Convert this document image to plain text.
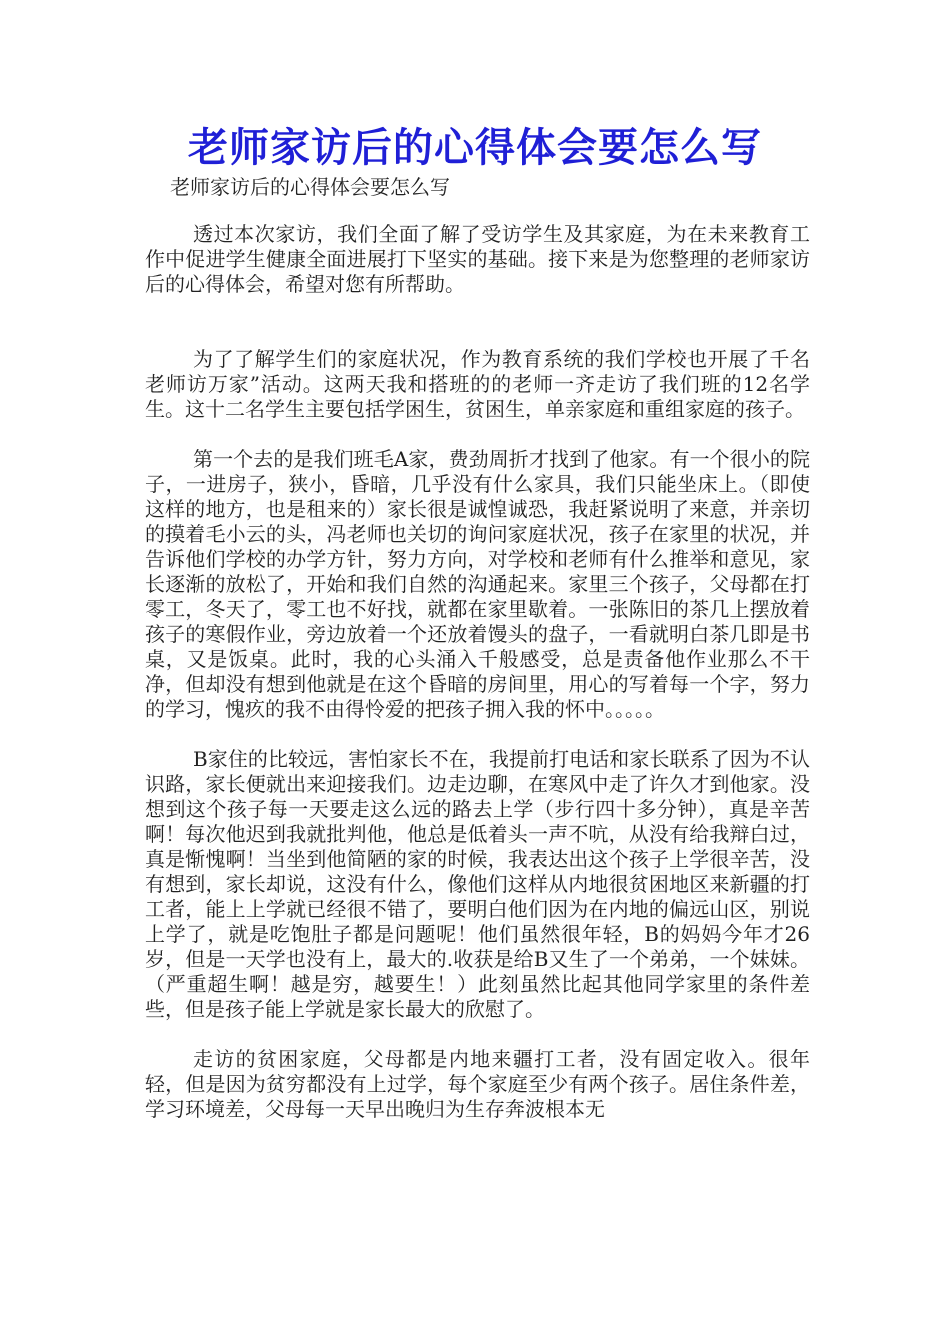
老师家访后的心得体会要怎么写
老师家访后的心得体会要怎么写

透过本次家访，我们全面了解了受访学生及其家庭，为在未来教育工作中促进学生健康全面进展打下坚实的基础。接下来是为您整理的老师家访后的心得体会，希望对您有所帮助。

为了了解学生们的家庭状况，作为教育系统的我们学校也开展了千名老师访万家”活动。这两天我和搭班的的老师一齐走访了我们班的12名学生。这十二名学生主要包括学困生，贫困生，单亲家庭和重组家庭的孩子。

第一个去的是我们班毛A家，费劲周折才找到了他家。有一个很小的院子，一进房子，狭小，昏暗，几乎没有什么家具，我们只能坐床上。（即使这样的地方，也是租来的）家长很是诚惶诚恐，我赶紧说明了来意，并亲切的摸着毛小云的头，冯老师也关切的询问家庭状况，孩子在家里的状况，并告诉他们学校的办学方针，努力方向，对学校和老师有什么推举和意见，家长逐渐的放松了，开始和我们自然的沟通起来。家里三个孩子，父母都在打零工，冬天了，零工也不好找，就都在家里歇着。一张陈旧的茶几上摆放着孩子的寒假作业，旁边放着一个还放着馒头的盘子，一看就明白茶几即是书桌，又是饭桌。此时，我的心头涌入千般感受，总是责备他作业那么不干净，但却没有想到他就是在这个昏暗的房间里，用心的写着每一个字，努力的学习，愧疚的我不由得怜爱的把孩子拥入我的怀中。。。。。

B家住的比较远，害怕家长不在，我提前打电话和家长联系了因为不认识路，家长便就出来迎接我们。边走边聊，在寒风中走了许久才到他家。没想到这个孩子每一天要走这么远的路去上学（步行四十多分钟），真是辛苦啊！每次他迟到我就批判他，他总是低着头一声不吭，从没有给我辩白过，真是惭愧啊！当坐到他简陋的家的时候，我表达出这个孩子上学很辛苦，没有想到，家长却说，这没有什么，像他们这样从内地很贫困地区来新疆的打工者，能上上学就已经很不错了，要明白他们因为在内地的偏远山区，别说上学了，就是吃饱肚子都是问题呢！他们虽然很年轻，B的妈妈今年才26岁，但是一天学也没有上，最大的.收获是给B又生了一个弟弟，一个妹妹。（严重超生啊！越是穷，越要生！）此刻虽然比起其他同学家里的条件差些，但是孩子能上学就是家长最大的欣慰了。

走访的贫困家庭，父母都是内地来疆打工者，没有固定收入。很年轻，但是因为贫穷都没有上过学，每个家庭至少有两个孩子。居住条件差，学习环境差，父母每一天早出晚归为生存奔波根本无
